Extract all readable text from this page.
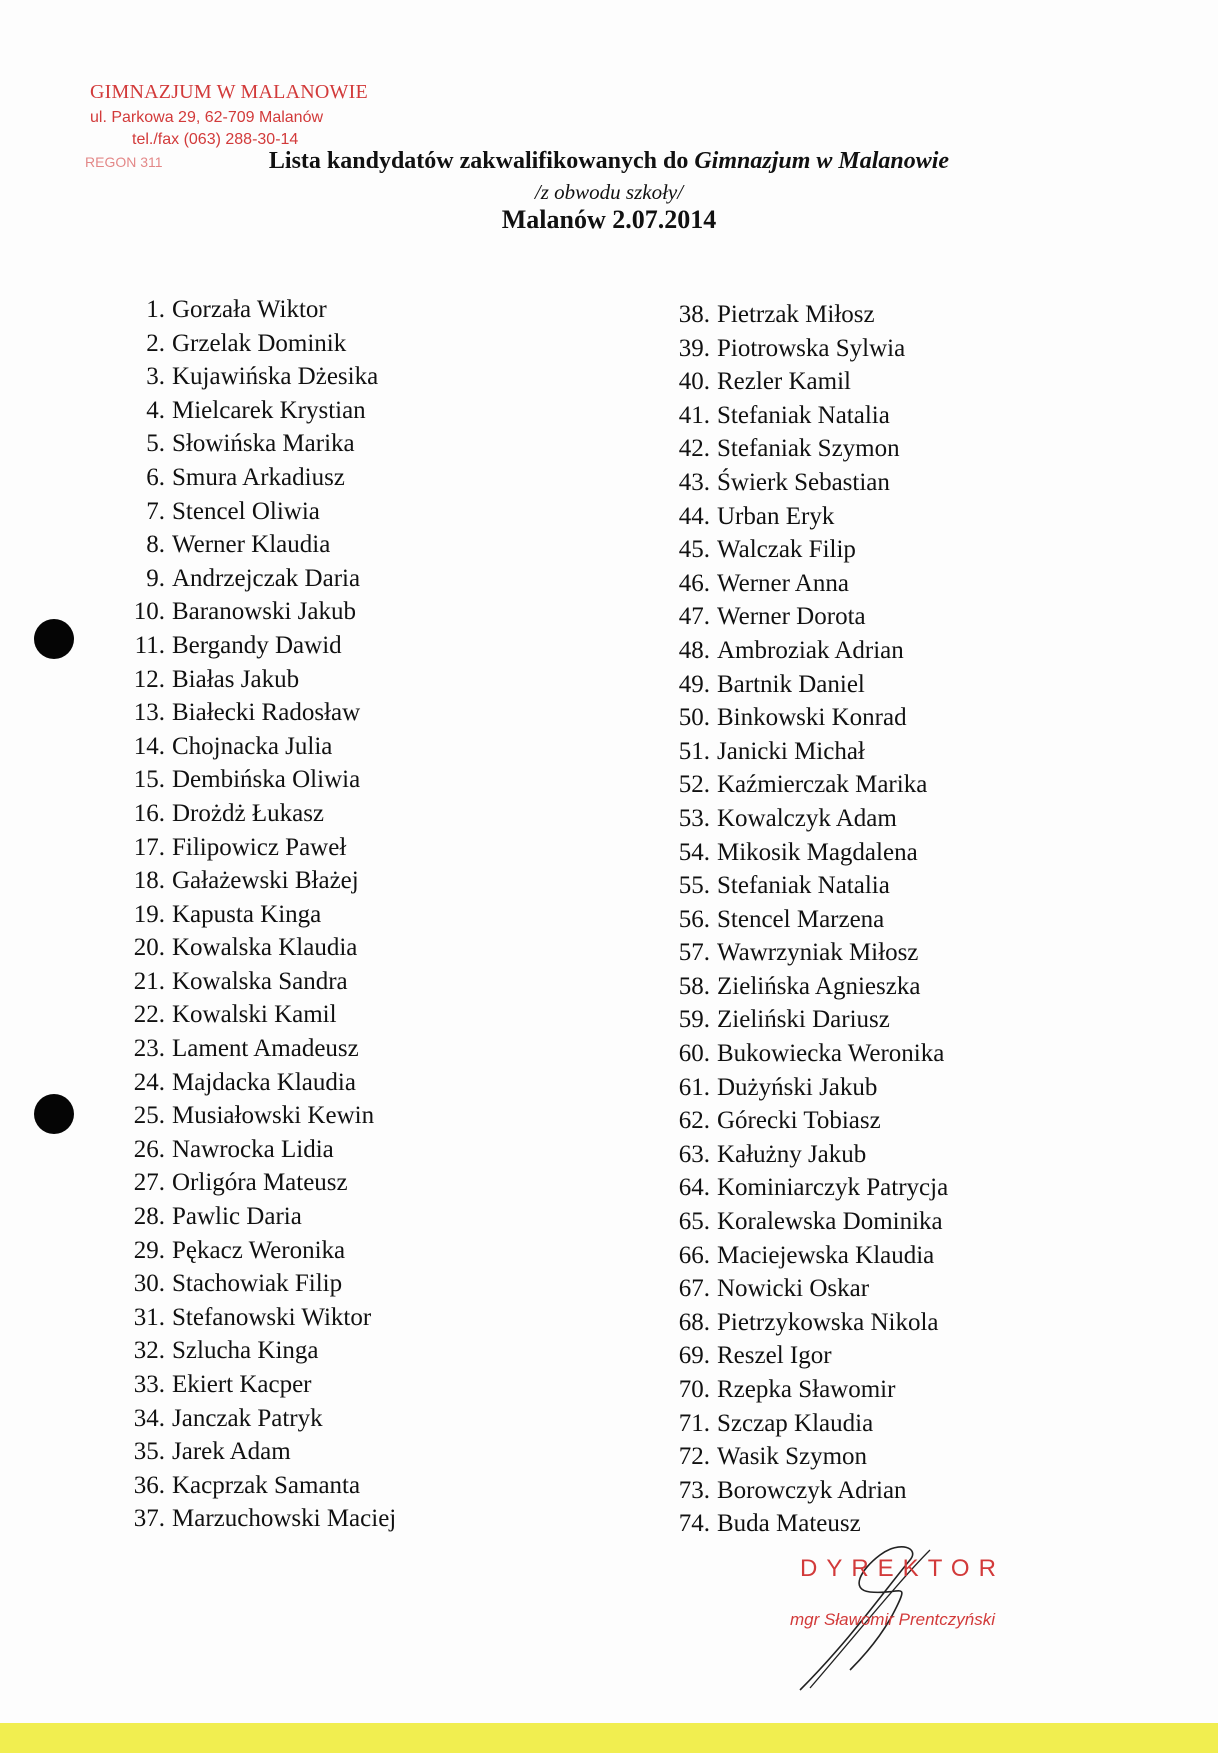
GIMNAZJUM W MALANOWIE
ul. Parkowa 29, 62-709 Malanów
tel./fax (063) 288-30-14
REGON 311	Lista kandydatów zakwalifikowanych do Gimnazjum w Malanowie
/z obwodu szkoły/
Malanów 2.07.2014
1. Gorzała Wiktor
2. Grzelak Dominik
3. Kujawińska Dżesika
4. Mielcarek Krystian
5. Słowińska Marika
6. Smura Arkadiusz
7. Stencel Oliwia
8. Werner Klaudia
9. Andrzejczak Daria
10. Baranowski Jakub
11. Bergandy Dawid
12. Białas Jakub
13. Białecki Radosław
14. Chojnacka Julia
15. Dembińska Oliwia
16. Drożdż Łukasz
17. Filipowicz Paweł
18. Gałażewski Błażej
19. Kapusta Kinga
20. Kowalska Klaudia
21. Kowalska Sandra
22. Kowalski Kamil
23. Lament Amadeusz
24. Majdacka Klaudia
25. Musiałowski Kewin
26. Nawrocka Lidia
27. Orligóra Mateusz
28. Pawlic Daria
29. Pękacz Weronika
30. Stachowiak Filip
31. Stefanowski Wiktor
32. Szlucha Kinga
33. Ekiert Kacper
34. Janczak Patryk
35. Jarek Adam
36. Kacprzak Samanta
37. Marzuchowski Maciej
38. Pietrzak Miłosz
39. Piotrowska Sylwia
40. Rezler Kamil
41. Stefaniak Natalia
42. Stefaniak Szymon
43. Świerk Sebastian
44. Urban Eryk
45. Walczak Filip
46. Werner Anna
47. Werner Dorota
48. Ambroziak Adrian
49. Bartnik Daniel
50. Binkowski Konrad
51. Janicki Michał
52. Kaźmierczak Marika
53. Kowalczyk Adam
54. Mikosik Magdalena
55. Stefaniak Natalia
56. Stencel Marzena
57. Wawrzyniak Miłosz
58. Zielińska Agnieszka
59. Zieliński Dariusz
60. Bukowiecka Weronika
61. Dużyński Jakub
62. Górecki Tobiasz
63. Kałużny Jakub
64. Kominiarczyk Patrycja
65. Koralewska Dominika
66. Maciejewska Klaudia
67. Nowicki Oskar
68. Pietrzykowska Nikola
69. Reszel Igor
70. Rzepka Sławomir
71. Szczap Klaudia
72. Wasik Szymon
73. Borowczyk Adrian
74. Buda Mateusz
DYREKTOR
mgr Sławomir Prentczyński
